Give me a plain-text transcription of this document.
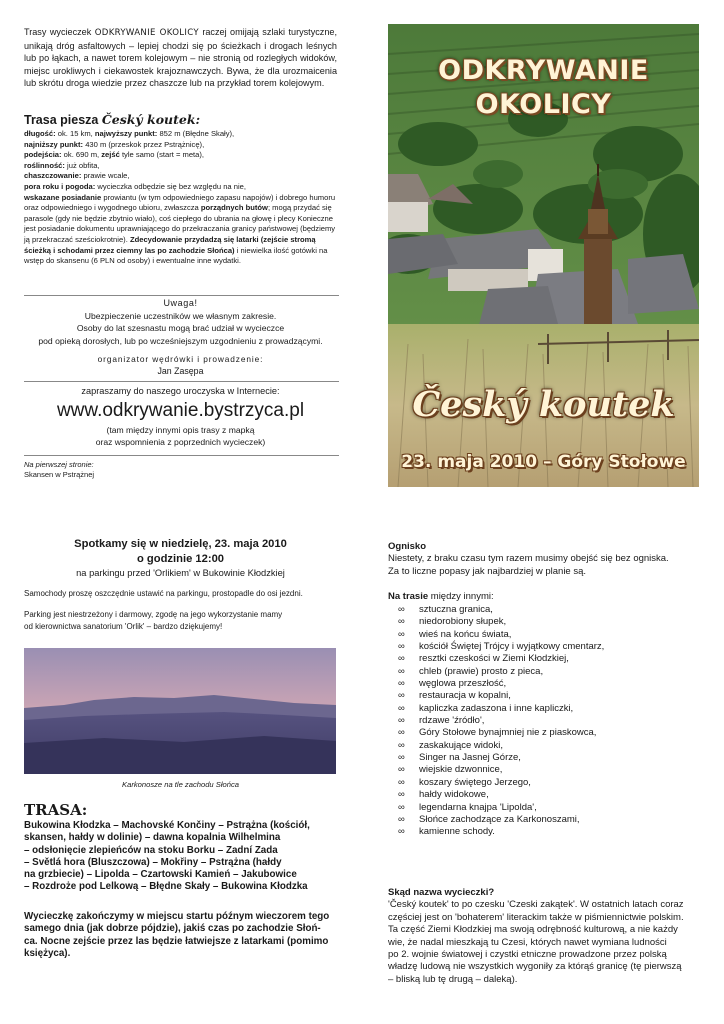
Trasy wycieczek ODKRYWANIE OKOLICY raczej omijają szlaki turystyczne, unikają dróg asfaltowych – lepiej chodzi się po ścieżkach i drogach leśnych lub po łąkach, a nawet torem kolejowym – nie stronią od rozległych widoków, miejsc urokliwych i ciekawostek krajoznawczych. Bywa, że dla urozmaicenia lub skrótu droga wiedzie przez chaszcze lub na przykład torem kolejowym.

Trasa piesza Český koutek:
długość: ok. 15 km, najwyższy punkt: 852 m (Błędne Skały),
najniższy punkt: 430 m (przeskok przez Pstrążnicę),
podejścia: ok. 690 m, zejść tyle samo (start = meta),
roślinność: już obfita,
chaszczowanie: prawie wcale,
pora roku i pogoda: wycieczka odbędzie się bez względu na nie,
wskazane posiadanie prowiantu (w tym odpowiedniego zapasu napojów) i dobrego humoru oraz odpowiedniego i wygodnego ubioru, zwłaszcza porządnych butów; mogą przydać się parasole (gdy nie będzie zbytnio wiało), coś ciepłego do ubrania na głowę i plecy Konieczne jest posiadanie dokumentu uprawniającego do przekraczania granicy państwowej (będziemy ją przekraczać sześciokrotnie). Zdecydowanie przydadzą się latarki (zejście stromą ścieżką i schodami przez ciemny las po zachodzie Słońca) i niewielka ilość gotówki na wstęp do skansenu (6 PLN od osoby) i ewentualne inne wydatki.

Uwaga!

Ubezpieczenie uczestników we własnym zakresie.
Osoby do lat szesnastu mogą brać udział w wycieczce
pod opieką dorosłych, lub po wcześniejszym uzgodnieniu z prowadzącymi.

organizator wędrówki i prowadzenie:

Jan Zasępa

zapraszamy do naszego uroczyska w Internecie:

www.odkrywanie.bystrzyca.pl

(tam między innymi opis trasy z mapką
oraz wspomnienia z poprzednich wycieczek)
Na pierwszej stronie:
Skansen w Pstrążnej
ODKRYWANIE
OKOLICY
Český koutek
23. maja 2010 – Góry Stołowe
Spotkamy się w niedzielę, 23. maja 2010
o godzinie 12:00
na parkingu przed 'Orlikiem' w Bukowinie Kłodzkiej

Samochody proszę oszczędnie ustawić na parkingu, prostopadle do osi jezdni.

Parking jest niestrzeżony i darmowy, zgodę na jego wykorzystanie mamy
od kierownictwa sanatorium 'Orlik' – bardzo dziękujemy!

Karkonosze na tle zachodu Słońca

TRASA:

Bukowina Kłodzka – Machovské Končiny – Pstrążna (kościół,
skansen, hałdy w dolinie) – dawna kopalnia Wilhelmina
– odsłonięcie zlepieńców na stoku Borku – Zadní Zada
– Světlá hora (Bluszczowa) – Mokřiny – Pstrążna (hałdy
na grzbiecie) – Lipolda – Czartowski Kamień – Jakubowice
– Rozdroże pod Lelkową – Błędne Skały – Bukowina Kłodzka
Wycieczkę zakończymy w miejscu startu późnym wieczorem tego
samego dnia (jak dobrze pójdzie), jakiś czas po zachodzie Słoń-
ca. Nocne zejście przez las będzie łatwiejsze z latarkami (pomimo
księżyca).
Ognisko
Niestety, z braku czasu tym razem musimy obejść się bez ogniska.
Za to liczne popasy jak najbardziej w planie są.
Na trasie między innymi:
∞	sztuczna granica,
∞	niedorobiony słupek,
∞	wieś na końcu świata,
∞	kościół Świętej Trójcy i wyjątkowy cmentarz,
∞	resztki czeskości w Ziemi Kłodzkiej,
∞	chleb (prawie) prosto z pieca,
∞	węglowa przeszłość,
∞	restauracja w kopalni,
∞	kapliczka zadaszona i inne kapliczki,
∞	rdzawe 'źródło',
∞	Góry Stołowe bynajmniej nie z piaskowca,
∞	zaskakujące widoki,
∞	Singer na Jasnej Górze,
∞	wiejskie dzwonnice,
∞	koszary świętego Jerzego,
∞	hałdy widokowe,
∞	legendarna knajpa 'Lipolda',
∞	Słońce zachodzące za Karkonoszami,
∞	kamienne schody.
Skąd nazwa wycieczki?
'Český koutek' to po czesku 'Czeski zakątek'. W ostatnich latach coraz
częściej jest on 'bohaterem' literackim także w piśmiennictwie polskim.
Ta część Ziemi Kłodzkiej ma swoją odrębność kulturową, a nie każdy
wie, że nadal mieszkają tu Czesi, których nawet wymiana ludności
po 2. wojnie światowej i czystki etniczne prowadzone przez polską
władzę ludową nie wszystkich wygoniły za którąś granicę (tę pierwszą
– bliską lub tę drugą – daleką).
